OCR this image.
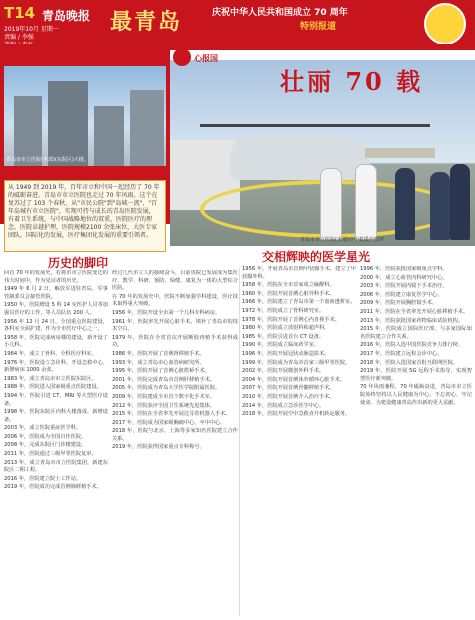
T14 青岛晚报 最青岛	庆祝中华人民共和国成立 70 周年
特别报道
2019年10月 星期一
责编 / 李强

青岛市市立医院(本部)(东院区)大楼。
从 1949 到 2019 年，百年市立和中国一起经历了 70 年的砥砺奋进，青岛市市立医院也走过 70 年风雨。这个在复苏过了 103 个春秋，从"市民公院"到"岛城一流"，"百年岛城有市立医院"，实现可持与成长的青岛医院发展，有着卫生系统，与中国战略地位的双重，医院医疗的理念、医院卓越护理，医院规模2100 余张床位，大医专家团队，国际化的发展，医疗集团化发展的重要引领者。
心报国
壮丽 70 载
青岛市市立医院(本部)空中救援停机坪
历史的脚印	交相辉映的医学星光

回首 70 年的发展史，若将市市立医院变迁的伟大时间中，作为见证者的历史。

1949 年 6 月 2 日，解放军进驻青岛，军事管制委员会接管医院。

1950 年，医院增设 5 科 14 室医护人员等加强员医疗的工作，等人员队伍 200 人。

1956 年 12 月 24 日，全国重点医院建设，各科室全面扩建，作为全市医疗中心之一。

1958 年，医院完成病房楼的建设，新开设了小儿科。

1964 年，成立了骨科、全科医疗科室。

1976 年，医院设立急诊科、开设急救中心、新增病床 1000 余张。

1983 年，成立青岛市市立医院东院区。

1988 年，医院进入国家级重点医院建设。

1994 年，医院引进 CT、MRI 等大型医疗设备。

1998 年，医院东院区内科大楼落成，新增设备。

2003 年，成立医院重症医学科。

2006 年，医院成为全国百佳医院。

2008 年，完成东院区门诊楼建设。

2011 年，医院通过三级甲等医院复审。

2013 年，成立青岛市市立医院集团，新建东院区二期工程。

2016 年，医院建立院士工作站。

2019 年，医院成功完成首例肺移植手术。

经过几代市立人的接续奋斗，目前该院已发展成为集医疗、教学、科研、预防、保健、康复为一体的大型综合医院。

在 70 年的发展史中，医院不断加强学科建设，医疗技术取得重大突破。

1956 年，医院开设全市第一个儿科专科病房。

1961 年，医院率先开展心脏手术，填补了青岛市的技术空白。

1979 年，医院在全省首次开展断肢再植手术获得成功。

1986 年，医院开展了首例肾移植手术。

1993 年，成立青岛市心血管病研究所。

1995 年，医院开展了首例心脏搭桥手术。

2001 年，医院完成青岛市首例肝移植手术。

2005 年，医院成为青岛大学医学院附属医院。

2009 年，医院建成全市首个数字化手术室。

2012 年，医院获评全国卫生系统先进集体。

2015 年，医院在全省率先开展达芬奇机器人手术。

2017 年，医院成为国家级胸痛中心、卒中中心。

2018 年，医院与北京、上海等多家知名医院建立合作关系。

2019 年，医院获得国家重点专科称号。

1956 年，开展青岛市首例甲状腺手术，建立了甲状腺外科。

1958 年，医院在全市首家成立麻醉科。

1960 年，医院开展首例心脏外科手术。

1966 年，医院建立了青岛市第一个血液透析室。

1972 年，医院成立了骨科研究室。

1978 年，医院开展了首例心内直视手术。

1980 年，医院成立放射科和超声科。

1985 年，医院引进首台 CT 设备。

1990 年，医院成立临床药学室。

1996 年，医院开展冠状动脉造影术。

1999 年，医院成为青岛市首家三级甲等医院。

2002 年，医院开展微创外科手术。

2004 年，医院开展首例体外循环心脏手术。

2007 年，医院开展首例骨髓移植手术。

2010 年，医院开展首例介入治疗手术。

2014 年，医院成立急诊医学中心。

2018 年，医院开展空中急救直升机转运服务。

1996 年，医院获批国家级重点学科。

2000 年，成立心血管内科研究中心。

2003 年，医院开展内镜下手术治疗。

2006 年，医院建立康复医学中心。

2009 年，医院开展胸腔镜手术。

2011 年，医院在全省率先开展心脏移植手术。

2013 年，医院获批国家药物临床试验机构。

2015 年，医院成立国际医疗部，与多家国际知名医院建立合作关系。

2016 年，医院入选中国医院竞争力排行榜。

2017 年，医院建立远程会诊中心。

2018 年，医院入选国家首批互联网医院。

2019 年，医院开展 5G 远程手术指导，实现智慧医疗新突破。

70 年风雨兼程，70 年砥砺奋进，青岛市市立医院始终坚持以人民健康为中心，不忘初心，牢记使命，为建设健康青岛作出新的更大贡献。
